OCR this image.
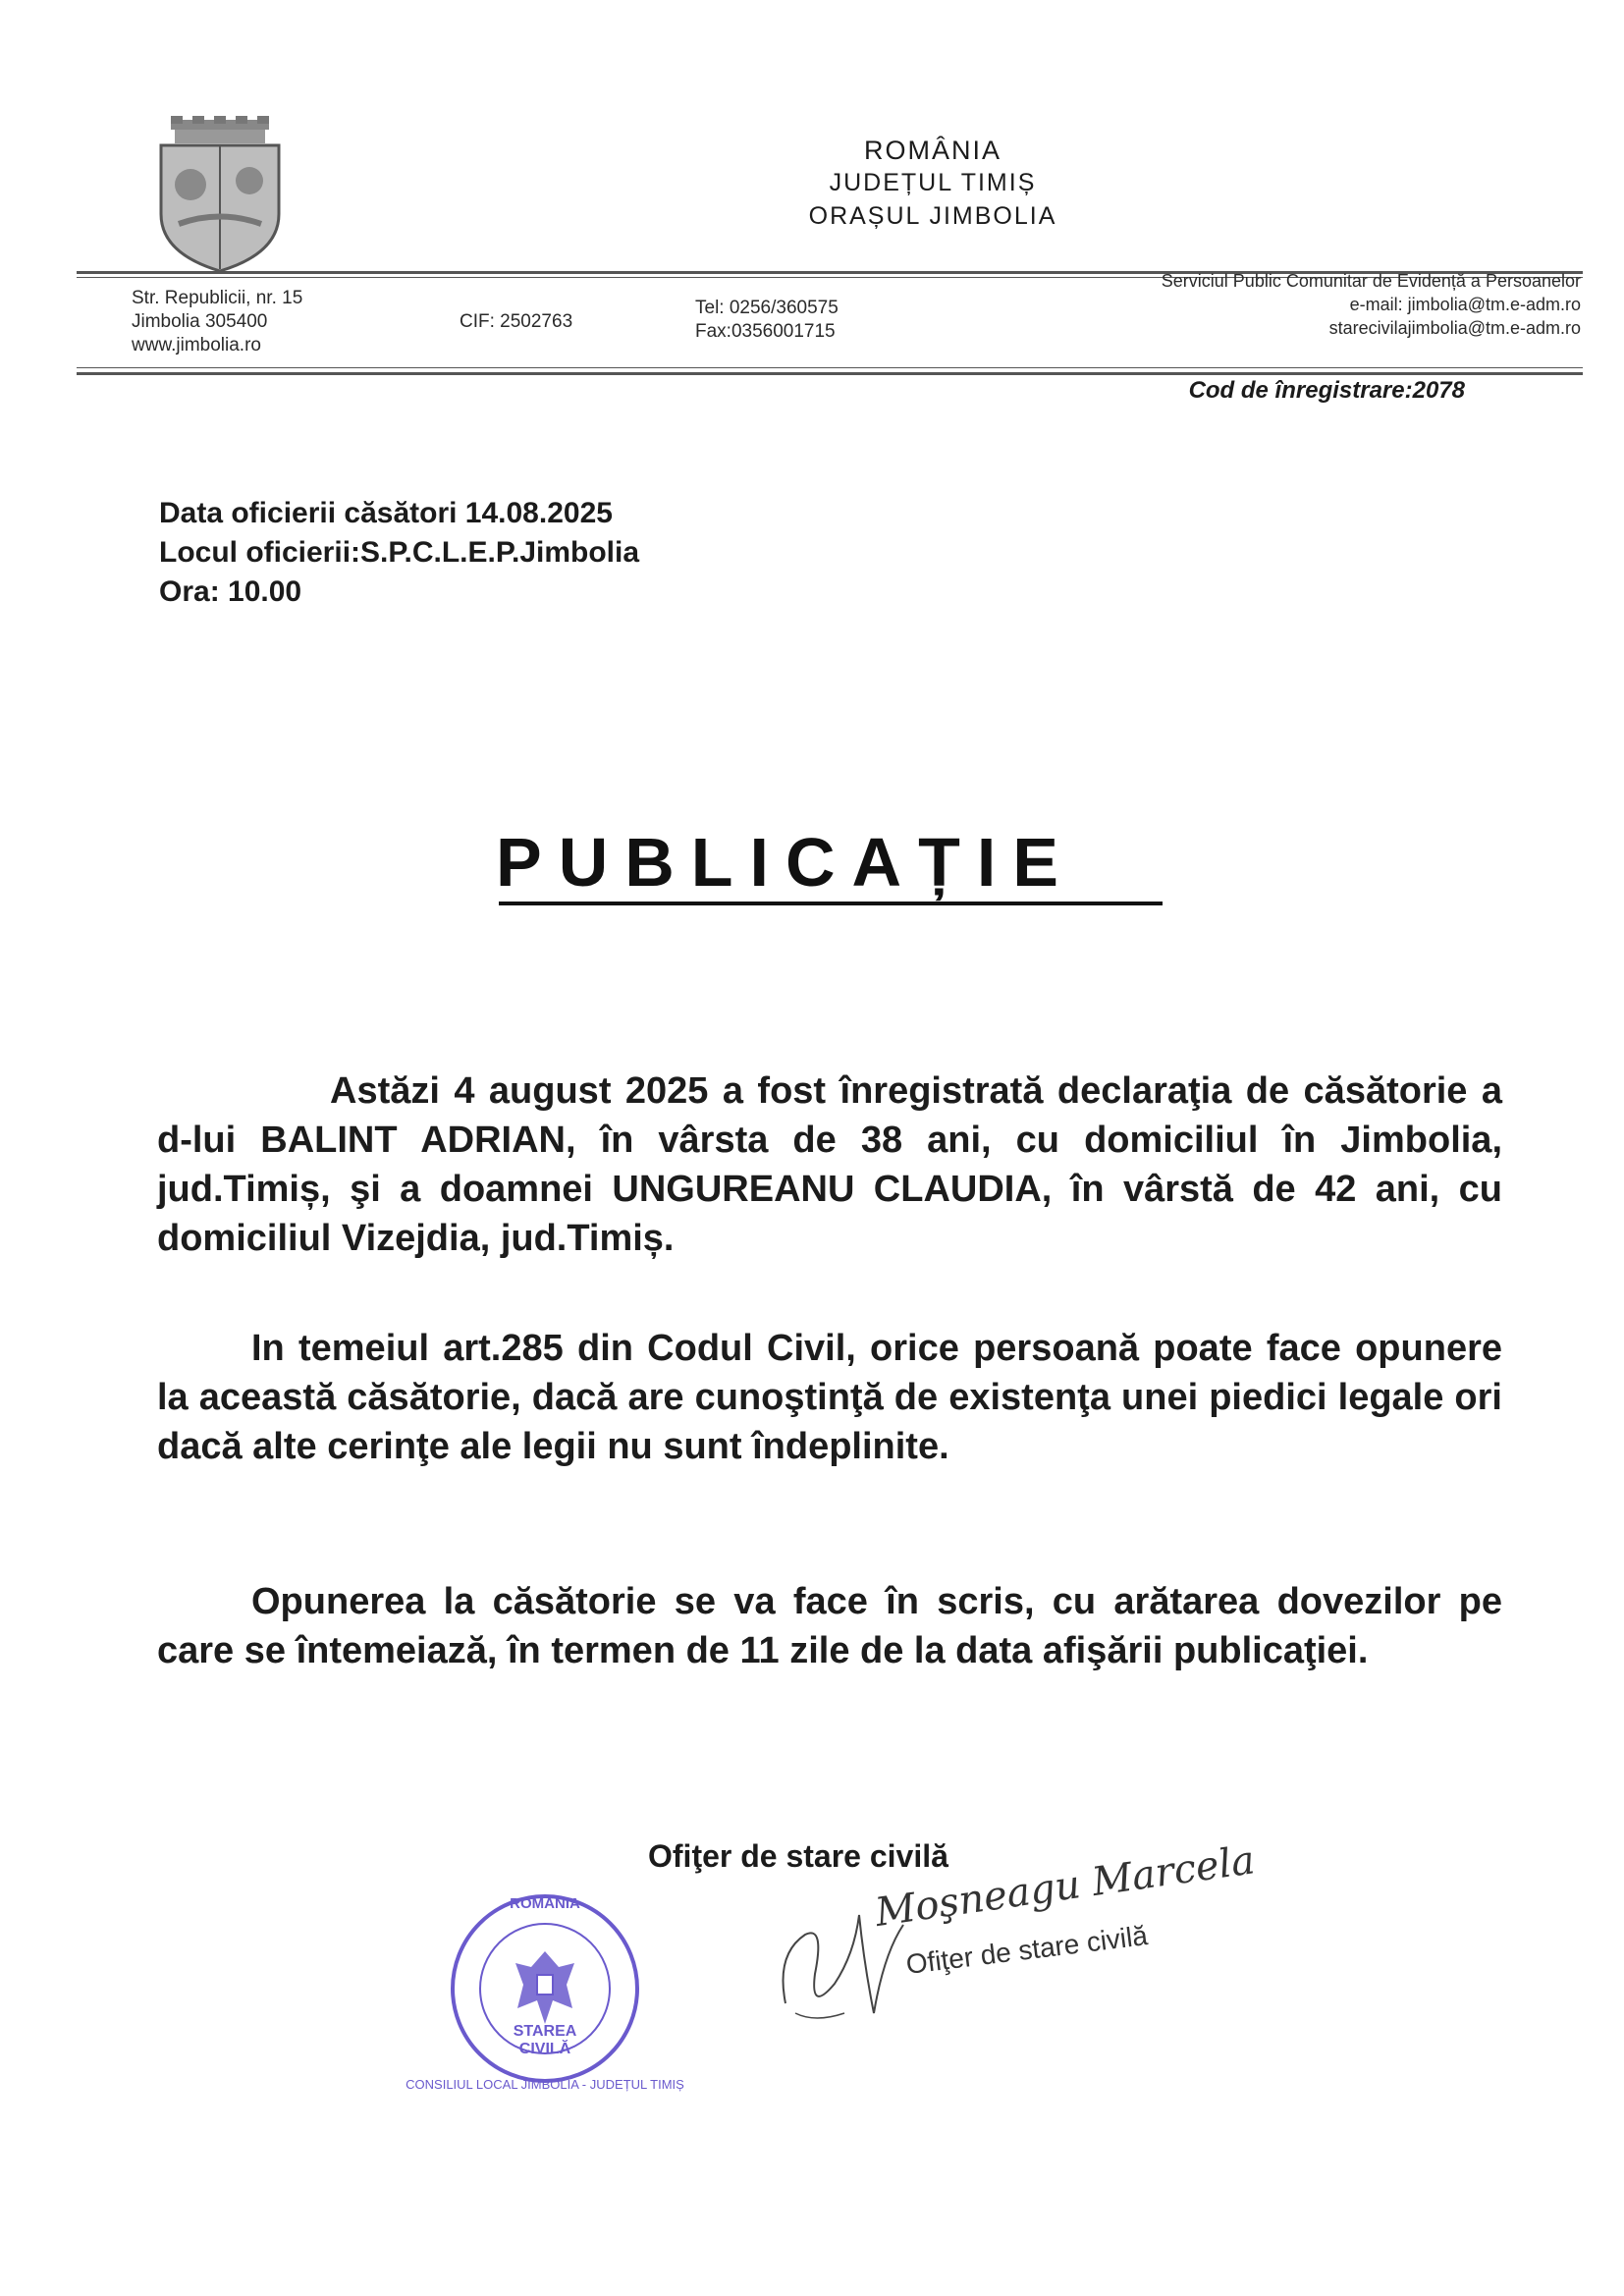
ROMÂNIA
JUDEȚUL TIMIȘ
ORAȘUL JIMBOLIA
Str. Republicii, nr. 15
Jimbolia 305400
www.jimbolia.ro
CIF: 2502763
Tel: 0256/360575
Fax:0356001715
Serviciul Public Comunitar de Evidență a Persoanelor
e-mail: jimbolia@tm.e-adm.ro
starecivilajimbolia@tm.e-adm.ro
Cod de înregistrare:2078
Data oficierii căsători 14.08.2025
Locul oficierii:S.P.C.L.E.P.Jimbolia
Ora: 10.00
PUBLICAȚIE
Astăzi 4 august 2025 a fost înregistrată declaraţia de căsătorie a d-lui BALINT ADRIAN, în vârsta de 38 ani, cu domiciliul în Jimbolia, jud.Timiș, şi a doamnei UNGUREANU CLAUDIA, în vârstă de 42 ani, cu domiciliul Vizejdia, jud.Timiș.
In temeiul art.285 din Codul Civil, orice persoană poate face opunere la această căsătorie, dacă are cunoştinţă de existenţa unei piedici legale ori dacă alte cerinţe ale legii nu sunt îndeplinite.
Opunerea la căsătorie se va face în scris, cu arătarea dovezilor pe care se întemeiază, în termen de 11 zile de la data afişării publicaţiei.
Ofiţer de stare civilă
ROMÂNIA
CONSILIUL LOCAL JIMBOLIA - JUDEȚUL TIMIȘ
STAREA CIVILĂ
Moşneagu Marcela
Ofiţer de stare civilă
